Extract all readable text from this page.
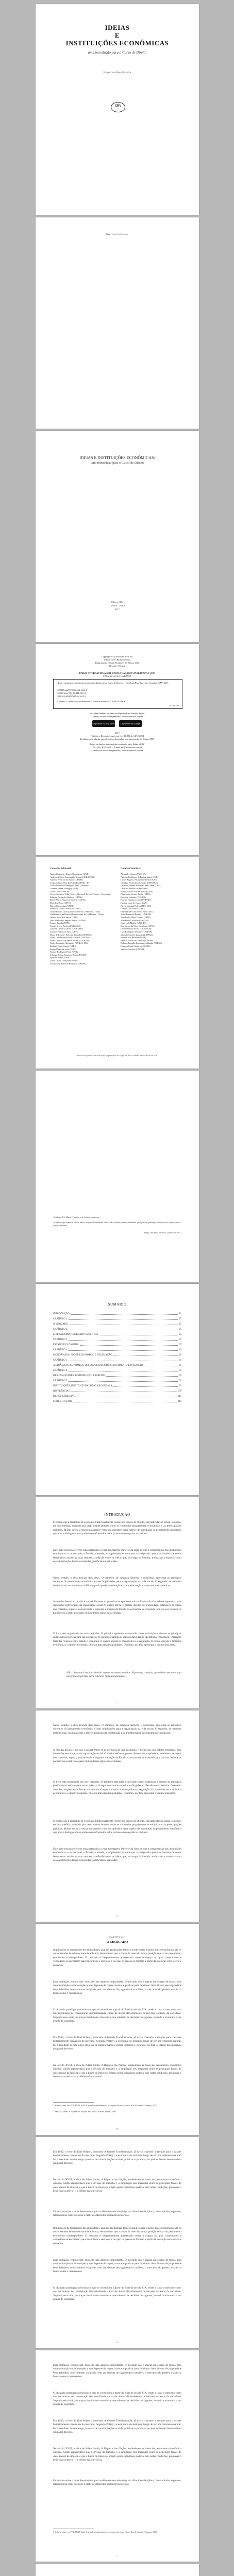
IDEIAS
E
INSTITUIÇÕES ECONÔMICAS
uma introdução para o Curso de Direito
Hugo Luís Pena Ferreira
CRV
Hugo Luís Pena Ferreira
IDEIAS E INSTITUIÇÕES ECONÔMICAS:
uma introdução para o Curso de Direito
Editora CRV
Curitiba – Brasil
2017
Copyright © da Editora CRV Ltda.
Editor-chefe: Railson Moura
Diagramação e Capa: Designers da Editora CRV
Revisão: O Autor
DADOS INTERNACIONAIS DE CATALOGAÇÃO NA PUBLICAÇÃO (CIP)
CATALOGAÇÃO NA FONTE
Ideias e instituições econômicas: uma introdução para o Curso de Direito / Hugo Luís Pena Ferreira – Curitiba : CRV, 2017.
ISBN Digital 978-85-444-1614-2
ISBN Físico 978-85-444-1615-9
DOI 10.24824/978854441615.9
1. Direito 2. Instituições econômicas 3. Ideias econômicas I. Título II. Série
CDD 330
Esta obra também encontra-se disponível em formato digital.
Conheça os nossos lançamentos: www.editoracrv.com.br
Disponível no App Store	Disponível no Google Play
2017
Foi feito o Depósito Legal conf. Lei 10.994 de 14/12/2004
Proibida a reprodução parcial ou total desta obra sem autorização da Editora CRV
Todos os direitos desta edição reservados pela: Editora CRV
Tel.: (41) 3039-6418 – E-mail: sac@editoracrv.com.br
Conheça os nossos lançamentos: www.editoracrv.com.br
Conselho Editorial:	Comitê Científico:
Aldira Guimarães Duarte Domínguez (UNB)
Andréia da Silva Quintanilha Sousa (UNIR/UFRN)
Antônio Pereira Gaio Júnior (UFRRJ)
Carlos Alberto Vilar Estêvão (UMINHO – PT)
Carlos Federico Dominguez Avila (Unieuro)
Carmen Tereza Velanga (UNIR)
Celso Conti (UFSCar)
Cesar Gerónimo Tello (Univer. Nacional Três de Febrero – Argentina)
Eduardo Fernandes Barbosa (UFMG)
Elione Maria Nogueira Diogenes (UFAL)
Élsio José Corá (UFFS)
Elizeu Clementino (UNEB)
Francisco Carlos Duarte (PUC-PR)
Gloria Fariñas León (Universidade de La Havana – Cuba)
Guillermo Arias Beatón (Universidade de La Havana – Cuba)
Jailson Alves dos Santos (UFRJ)
João Adalberto Campato Junior (UNESP)
Josania Portela (UFPI)
Leonel Severo Rocha (UNISINOS)
Lídia de Oliveira Xavier (UNIEURO)
Lourdes Helena da Silva (UFV)
Maria de Lourdes Pinto de Almeida (UNOESC)
Maria Lília Imbiriba Sousa Colares (UFOPA)
Maria Cristina dos Santos Bezerra (UFSCar)
Paulo Romualdo Hernandes (UNIFAL-MG)
Rodrigo Pratte-Santos (UFES)
Sérgio Nunes de Jesus (IFRO)
Simone Rodrigues Pinto (UNB)
Solange Helena Ximenes-Rocha (UFOPA)
Sydione Santos (UEPG)
Tadeu Oliver Gonçalves (UFPA)
Tania Suely Azevedo Brasileiro (UFOPA)
Alexandre Sanson (PUC-SP)
Antonio Rodrigues de Freitas Junior (USP)
Carlos Augusto Alcântara Machado (UFS)
Claudine Rodembusch Rocha (FEEVALE)
Cristiane Helena de Paula Lima Cabral (UFSJ)
Cristiano Becker Isaia (UFSM)
Edson Kiyoshi Nacata Junior (UNIP)
Elisa Maria Gomes Rocha (UFPE)
Emerson Gabardo (PUC/PR)
Ernesto Nogueira Lima (UNIPAR)
Eveline Lima de Castro (FA7)
Flávio Quinaud Pedron (PUC-MG)
Gabriel Dias Ramos (UFRJ)
Helena Beatriz de Moura Belle (UEG)
Jaime Fernando Bertuol (UNIPAR)
João Paulo Allain Teixeira (UFPE)
João Pedro Carvalho (UNIFOR)
Jorge Luís Mialhe (UNIMEP)
José Sérgio da Silva Cristóvam (UFSC)
Leonel Severo Rocha (UNISINOS)
Luiz Rodrigues Wambier (UNIPAR)
Marcelo Sanchez Zanotto (UNIPAR)
Maria Lúcia Barbosa (UFPE)
Patrícia Toledo de Campos (UNESP)
Roberto Brandão Federman Saldanha (UFRGS)
Rodrigo Costa Ferreira (UNIPAR)
Vanessa Cândido (UNIPAR)
Este livro passou por avaliação e aprovação às cegas de dois ou mais pareceristas ad hoc.
À Juliana. E à Maria Fernanda e ao Antônio, por tudo.
As ideias aqui expostas são de inteira responsabilidade do autor e não refletem, necessariamente, posições de quaisquer instituições às quais o autor esteja vinculado.
Hugo Luís Pena Ferreira, outubro de 2017.
SUMÁRIO
INTRODUÇÃO	11
CAPÍTULO 1	15
O MERCADO	15
CAPÍTULO 2	25
LIBERALISMO E MERCADO: A CRÍTICA	25
CAPÍTULO 3	37
ESTADO E ECONOMIA	37
CAPÍTULO 4	49
MONOPÓLIOS, PODER ECONÔMICO E REGULAÇÃO	49
CAPÍTULO 5	61
A DINÂMICA ECONÔMICA: DESENVOLVIMENTO, CRESCIMENTO E INCLUSÃO	61
CAPÍTULO 6	79
DESIGUALDADES, DISTRIBUIÇÃO E DIREITO	79
CAPÍTULO 7	93
INSTITUIÇÕES, INSTITUCIONALISMO E ECONOMIA	93
REFERÊNCIAS	109
ÍNDICE REMISSIVO	115
SOBRE O AUTOR	119
INTRODUÇÃO
O ensino que a disciplina de economia tradicionalmente recebe nos cursos de Direito, em particular no Brasil, tem sido, em boa medida, marcado por certo distanciamento entre os conteúdos propriamente econômicos e as preocupações jurídicas. Muitas vezes, a disciplina aparece como um apêndice, uma espécie de introdução ao pensamento econômico que pouco dialoga com os problemas enfrentados pelos juristas em sua prática cotidiana.
Este livro procura oferecer uma alternativa a essa abordagem. Parte-se da ideia de que a compreensão das instituições econômicas — o mercado, o Estado, a moeda, a propriedade, os contratos — exige não apenas o domínio de certas ferramentas analíticas, mas também a reflexão sobre as ideias que, ao longo da história, moldaram a maneira como essas instituições foram concebidas, justificadas e criticadas.
Nesse sentido, a obra articula dois eixos. O primeiro, de natureza histórica e conceitual, apresenta as principais correntes do pensamento econômico e suas implicações para a organização da vida social. O segundo, de natureza institucional, examina como o Direito participa da constituição e da transformação das estruturas econômicas.
A escolha desses eixos não é casual. Parte-se da premissa de que economia e direito não são esferas separadas, mas dimensões entrelaçadas da organização social. O direito define e garante direitos de propriedade, estabelece as regras dos contratos, regula a concorrência e organiza a atuação do Estado na economia. A economia, por sua vez, fornece os parâmetros a partir dos quais muitas dessas regras são avaliadas.
O livro está organizado em sete capítulos. O primeiro apresenta o mercado como instituição e discute as principais justificativas teóricas para sua existência. O segundo examina as críticas dirigidas ao liberalismo econômico. O terceiro trata das relações entre Estado e economia. O quarto aborda os monopólios e a regulação. O quinto discute a dinâmica econômica e o desenvolvimento. O sexto trata das desigualdades. O sétimo, por fim, apresenta o institucionalismo.
Não cabe a um livro introdutório esgotar os temas tratados. Espera-se, contudo, que o leitor encontre aqui um ponto de partida para reflexões mais aprofundadas.
11
Nesse sentido, a obra articula dois eixos. O primeiro, de natureza histórica e conceitual, apresenta as principais correntes do pensamento econômico e suas implicações para a organização da vida social. O segundo, de natureza institucional, examina como o Direito participa da constituição e da transformação das estruturas econômicas.
A escolha desses eixos não é casual. Parte-se da premissa de que economia e direito não são esferas separadas, mas dimensões entrelaçadas da organização social. O direito define e garante direitos de propriedade, estabelece as regras dos contratos, regula a concorrência e organiza a atuação do Estado na economia. A economia, por sua vez, fornece os parâmetros a partir dos quais muitas dessas regras são avaliadas.
O livro está organizado em sete capítulos. O primeiro apresenta o mercado como instituição e discute as principais justificativas teóricas para sua existência. O segundo examina as críticas dirigidas ao liberalismo econômico. O terceiro trata das relações entre Estado e economia. O quarto aborda os monopólios e a regulação. O quinto discute a dinâmica econômica e o desenvolvimento. O sexto trata das desigualdades. O sétimo, por fim, apresenta o institucionalismo.
O ensino que a disciplina de economia tradicionalmente recebe nos cursos de Direito, em particular no Brasil, tem sido, em boa medida, marcado por certo distanciamento entre os conteúdos propriamente econômicos e as preocupações jurídicas. Muitas vezes, a disciplina aparece como um apêndice, uma espécie de introdução ao pensamento econômico que pouco dialoga com os problemas enfrentados pelos juristas em sua prática cotidiana.
Este livro procura oferecer uma alternativa a essa abordagem. Parte-se da ideia de que a compreensão das instituições econômicas — o mercado, o Estado, a moeda, a propriedade, os contratos — exige não apenas o domínio de certas ferramentas analíticas, mas também a reflexão sobre as ideias que, ao longo da história, moldaram a maneira como essas instituições foram concebidas, justificadas e criticadas.
12
CAPÍTULO 1
O MERCADO
Implicações da linearidade dos indicadores, análises produzidas desde as tradicionais relações macroeconômicas até os atuais estudos de microeconomia aplicada, demonstram que a noção de mercado ocupa posição central no pensamento econômico contemporâneo. O mercado é frequentemente apresentado como o espaço no qual compradores e vendedores se encontram para trocar bens e serviços, e no qual os preços se formam a partir da interação entre oferta e demanda.
Essa definição, embora útil, deixa de lado aspectos importantes. O mercado não é apenas um espaço de trocas, mas uma instituição social complexa, que depende de regras, normas e práticas para funcionar. Sem direitos de propriedade bem definidos, sem contratos exigíveis, sem um sistema de pagamentos confiável, o mercado não poderia existir na forma como o conhecemos.
O chamado paradigma neoclássico, que se consolidou a partir do final do século XIX, tende a tratar o mercado como um mecanismo de coordenação descentralizada, capaz de alocar eficientemente os recursos escassos da sociedade. Segundo essa visão, os preços funcionam como sinais que orientam as decisões dos agentes, levando a economia a um estado de equilíbrio.
Em 1949, o livro de Karl Polanyi, intitulado A Grande Transformação, já havia chamado a atenção para o caráter historicamente construído do mercado. Segundo Polanyi, a economia de mercado, longe de ser um fenômeno natural, foi o resultado de um longo processo de transformações sociais, políticas e jurídicas, no qual o Estado desempenhou um papel decisivo.
No século XVIII, a obra de Adam Smith, A Riqueza das Nações, estabeleceu as bases do pensamento econômico clássico. Smith argumentava que a divisão do trabalho e a ampliação dos mercados eram as principais fontes do crescimento da riqueza, e que a busca do interesse próprio pelos indivíduos poderia, sob certas condições, promover o bem-estar coletivo — a célebre mão invisível.
1 Sobre o tema, ver POLANYI, Karl. A grande transformação: as origens da nossa época. Rio de Janeiro: Campus, 2000.
2 SMITH, Adam. A riqueza das nações. São Paulo: Martins Fontes, 2003.
15
Em 1949, o livro de Karl Polanyi, intitulado A Grande Transformação, já havia chamado a atenção para o caráter historicamente construído do mercado. Segundo Polanyi, a economia de mercado, longe de ser um fenômeno natural, foi o resultado de um longo processo de transformações sociais, políticas e jurídicas, no qual o Estado desempenhou um papel decisivo.
No século XVIII, a obra de Adam Smith, A Riqueza das Nações, estabeleceu as bases do pensamento econômico clássico. Smith argumentava que a divisão do trabalho e a ampliação dos mercados eram as principais fontes do crescimento da riqueza, e que a busca do interesse próprio pelos indivíduos poderia, sob certas condições, promover o bem-estar coletivo — a célebre mão invisível.
Os estudos sobre o tema demonstram que a análise do mercado exige um olhar interdisciplinar. Nos capítulos seguintes, retomaremos essas questões a partir de diferentes perspectivas teóricas.
Implicações da linearidade dos indicadores, análises produzidas desde as tradicionais relações macroeconômicas até os atuais estudos de microeconomia aplicada, demonstram que a noção de mercado ocupa posição central no pensamento econômico contemporâneo. O mercado é frequentemente apresentado como o espaço no qual compradores e vendedores se encontram para trocar bens e serviços, e no qual os preços se formam a partir da interação entre oferta e demanda.
Essa definição, embora útil, deixa de lado aspectos importantes. O mercado não é apenas um espaço de trocas, mas uma instituição social complexa, que depende de regras, normas e práticas para funcionar. Sem direitos de propriedade bem definidos, sem contratos exigíveis, sem um sistema de pagamentos confiável, o mercado não poderia existir na forma como o conhecemos.
O chamado paradigma neoclássico, que se consolidou a partir do final do século XIX, tende a tratar o mercado como um mecanismo de coordenação descentralizada, capaz de alocar eficientemente os recursos escassos da sociedade. Segundo essa visão, os preços funcionam como sinais que orientam as decisões dos agentes, levando a economia a um estado de equilíbrio.
16
Essa definição, embora útil, deixa de lado aspectos importantes. O mercado não é apenas um espaço de trocas, mas uma instituição social complexa, que depende de regras, normas e práticas para funcionar. Sem direitos de propriedade bem definidos, sem contratos exigíveis, sem um sistema de pagamentos confiável, o mercado não poderia existir na forma como o conhecemos.
O chamado paradigma neoclássico, que se consolidou a partir do final do século XIX, tende a tratar o mercado como um mecanismo de coordenação descentralizada, capaz de alocar eficientemente os recursos escassos da sociedade. Segundo essa visão, os preços funcionam como sinais que orientam as decisões dos agentes, levando a economia a um estado de equilíbrio.
Em 1949, o livro de Karl Polanyi, intitulado A Grande Transformação, já havia chamado a atenção para o caráter historicamente construído do mercado. Segundo Polanyi, a economia de mercado, longe de ser um fenômeno natural, foi o resultado de um longo processo de transformações sociais, políticas e jurídicas, no qual o Estado desempenhou um papel decisivo.
No século XVIII, a obra de Adam Smith, A Riqueza das Nações, estabeleceu as bases do pensamento econômico clássico. Smith argumentava que a divisão do trabalho e a ampliação dos mercados eram as principais fontes do crescimento da riqueza, e que a busca do interesse próprio pelos indivíduos poderia, sob certas condições, promover o bem-estar coletivo — a célebre mão invisível.
Os estudos sobre o tema demonstram que a análise do mercado exige um olhar interdisciplinar. Nos capítulos seguintes, retomaremos essas questões a partir de diferentes perspectivas teóricas.
1 Sobre o tema, ver POLANYI, Karl. A grande transformação: as origens da nossa época. Rio de Janeiro: Campus, 2000.
17
